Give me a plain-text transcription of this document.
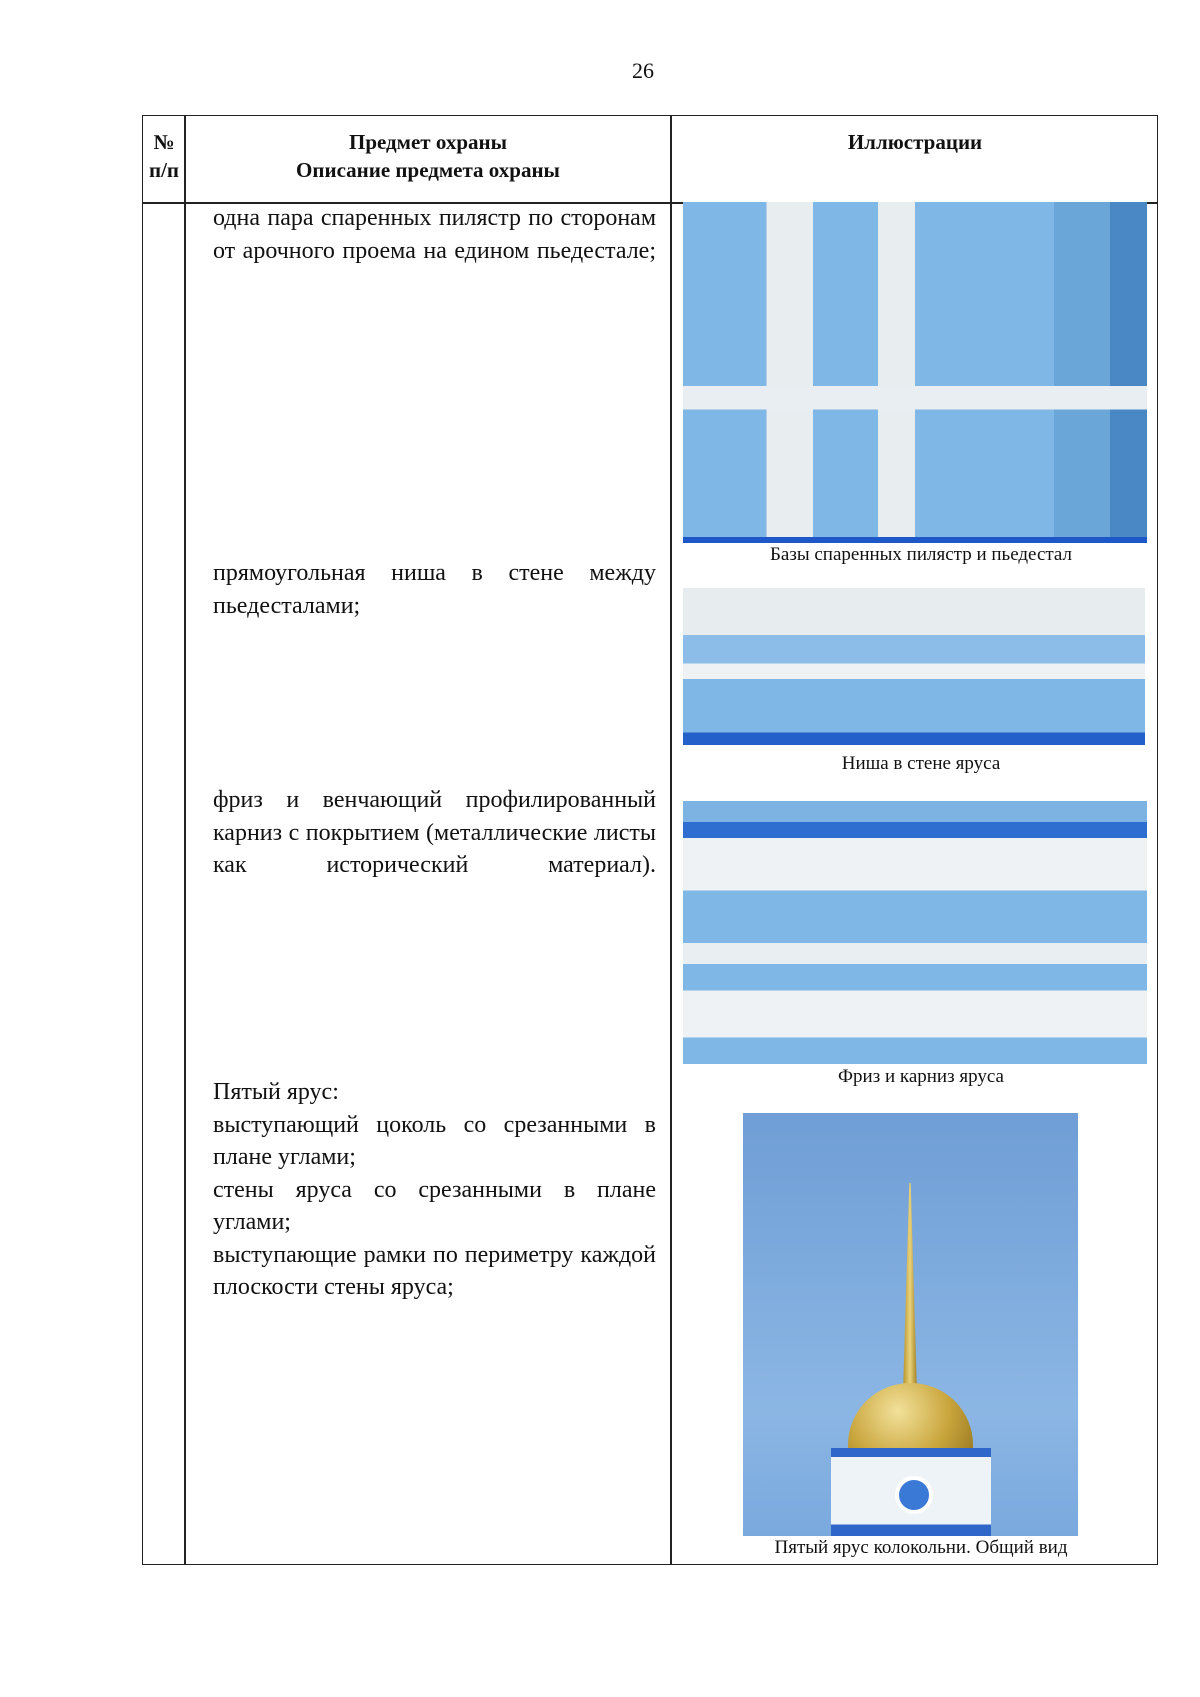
26
№
п/п
Предмет охраны
Описание предмета охраны
Иллюстрации
одна пара спаренных пилястр по сторонам от арочного проема на едином пьедестале;
прямоугольная ниша в стене между пьедесталами;
фриз и венчающий профилированный карниз с покрытием (металлические листы как исторический материал).
Пятый ярус:
выступающий цоколь со срезанными в плане углами;
стены яруса со срезанными в плане углами;
выступающие рамки по периметру каждой плоскости стены яруса;
Базы спаренных пилястр и пьедестал
Ниша в стене яруса
Фриз и карниз яруса
Пятый ярус колокольни. Общий вид
